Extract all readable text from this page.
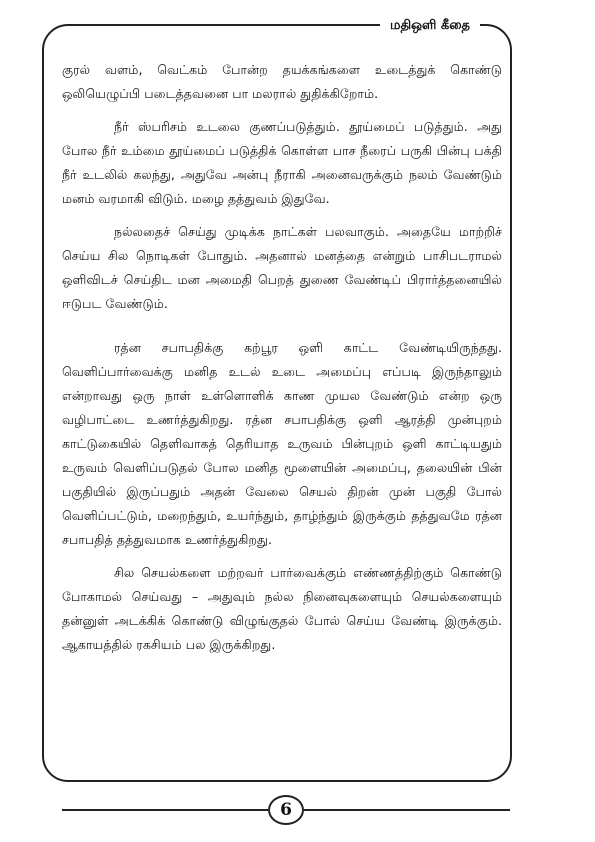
மதிஒளி கீதை

குரல் வளம், வெட்கம் போன்ற தயக்கங்களை உடைத்துக் கொண்டு ஒலியெழுப்பி படைத்தவனை பா மலரால் துதிக்கிறோம்.

நீர் ஸ்பரிசம் உடலை குணப்படுத்தும். தூய்மைப் படுத்தும். அது போல நீர் உம்மை தூய்மைப் படுத்திக் கொள்ள பாச நீரைப் பருகி பின்பு பக்தி நீர் உடலில் கலந்து, அதுவே அன்பு நீராகி அனைவருக்கும் நலம் வேண்டும் மனம் வரமாகி விடும். மழை தத்துவம் இதுவே.

நல்லதைச் செய்து முடிக்க நாட்கள் பலவாகும். அதையே மாற்றிச் செய்ய சில நொடிகள் போதும். அதனால் மனத்தை என்றும் பாசிபடராமல் ஒளிவிடச் செய்திட மன அமைதி பெறத் துணை வேண்டிப் பிரார்த்தனையில் ஈடுபட வேண்டும்.

ரத்ன சபாபதிக்கு கற்பூர ஒளி காட்ட வேண்டியிருந்தது. வெளிப்பார்வைக்கு மனித உடல் உடை அமைப்பு எப்படி இருந்தாலும் என்றாவது ஒரு நாள் உள்ளொளிக் காண முயல வேண்டும் என்ற ஒரு வழிபாட்டை உணர்த்துகிறது. ரத்ன சபாபதிக்கு ஒளி ஆரத்தி முன்புறம் காட்டுகையில் தெளிவாகத் தெரியாத உருவம் பின்புறம் ஒளி காட்டியதும் உருவம் வெளிப்படுதல் போல மனித மூளையின் அமைப்பு, தலையின் பின் பகுதியில் இருப்பதும் அதன் வேலை செயல் திறன் முன் பகுதி போல் வெளிப்பட்டும், மறைந்தும், உயர்ந்தும், தாழ்ந்தும் இருக்கும் தத்துவமே ரத்ன சபாபதித் தத்துவமாக உணர்த்துகிறது.

சில செயல்களை மற்றவர் பார்வைக்கும் எண்ணத்திற்கும் கொண்டு போகாமல் செய்வது – அதுவும் நல்ல நினைவுகளையும் செயல்களையும் தன்னுள் அடக்கிக் கொண்டு விழுங்குதல் போல் செய்ய வேண்டி இருக்கும். ஆகாயத்தில் ரகசியம் பல இருக்கிறது.

6
